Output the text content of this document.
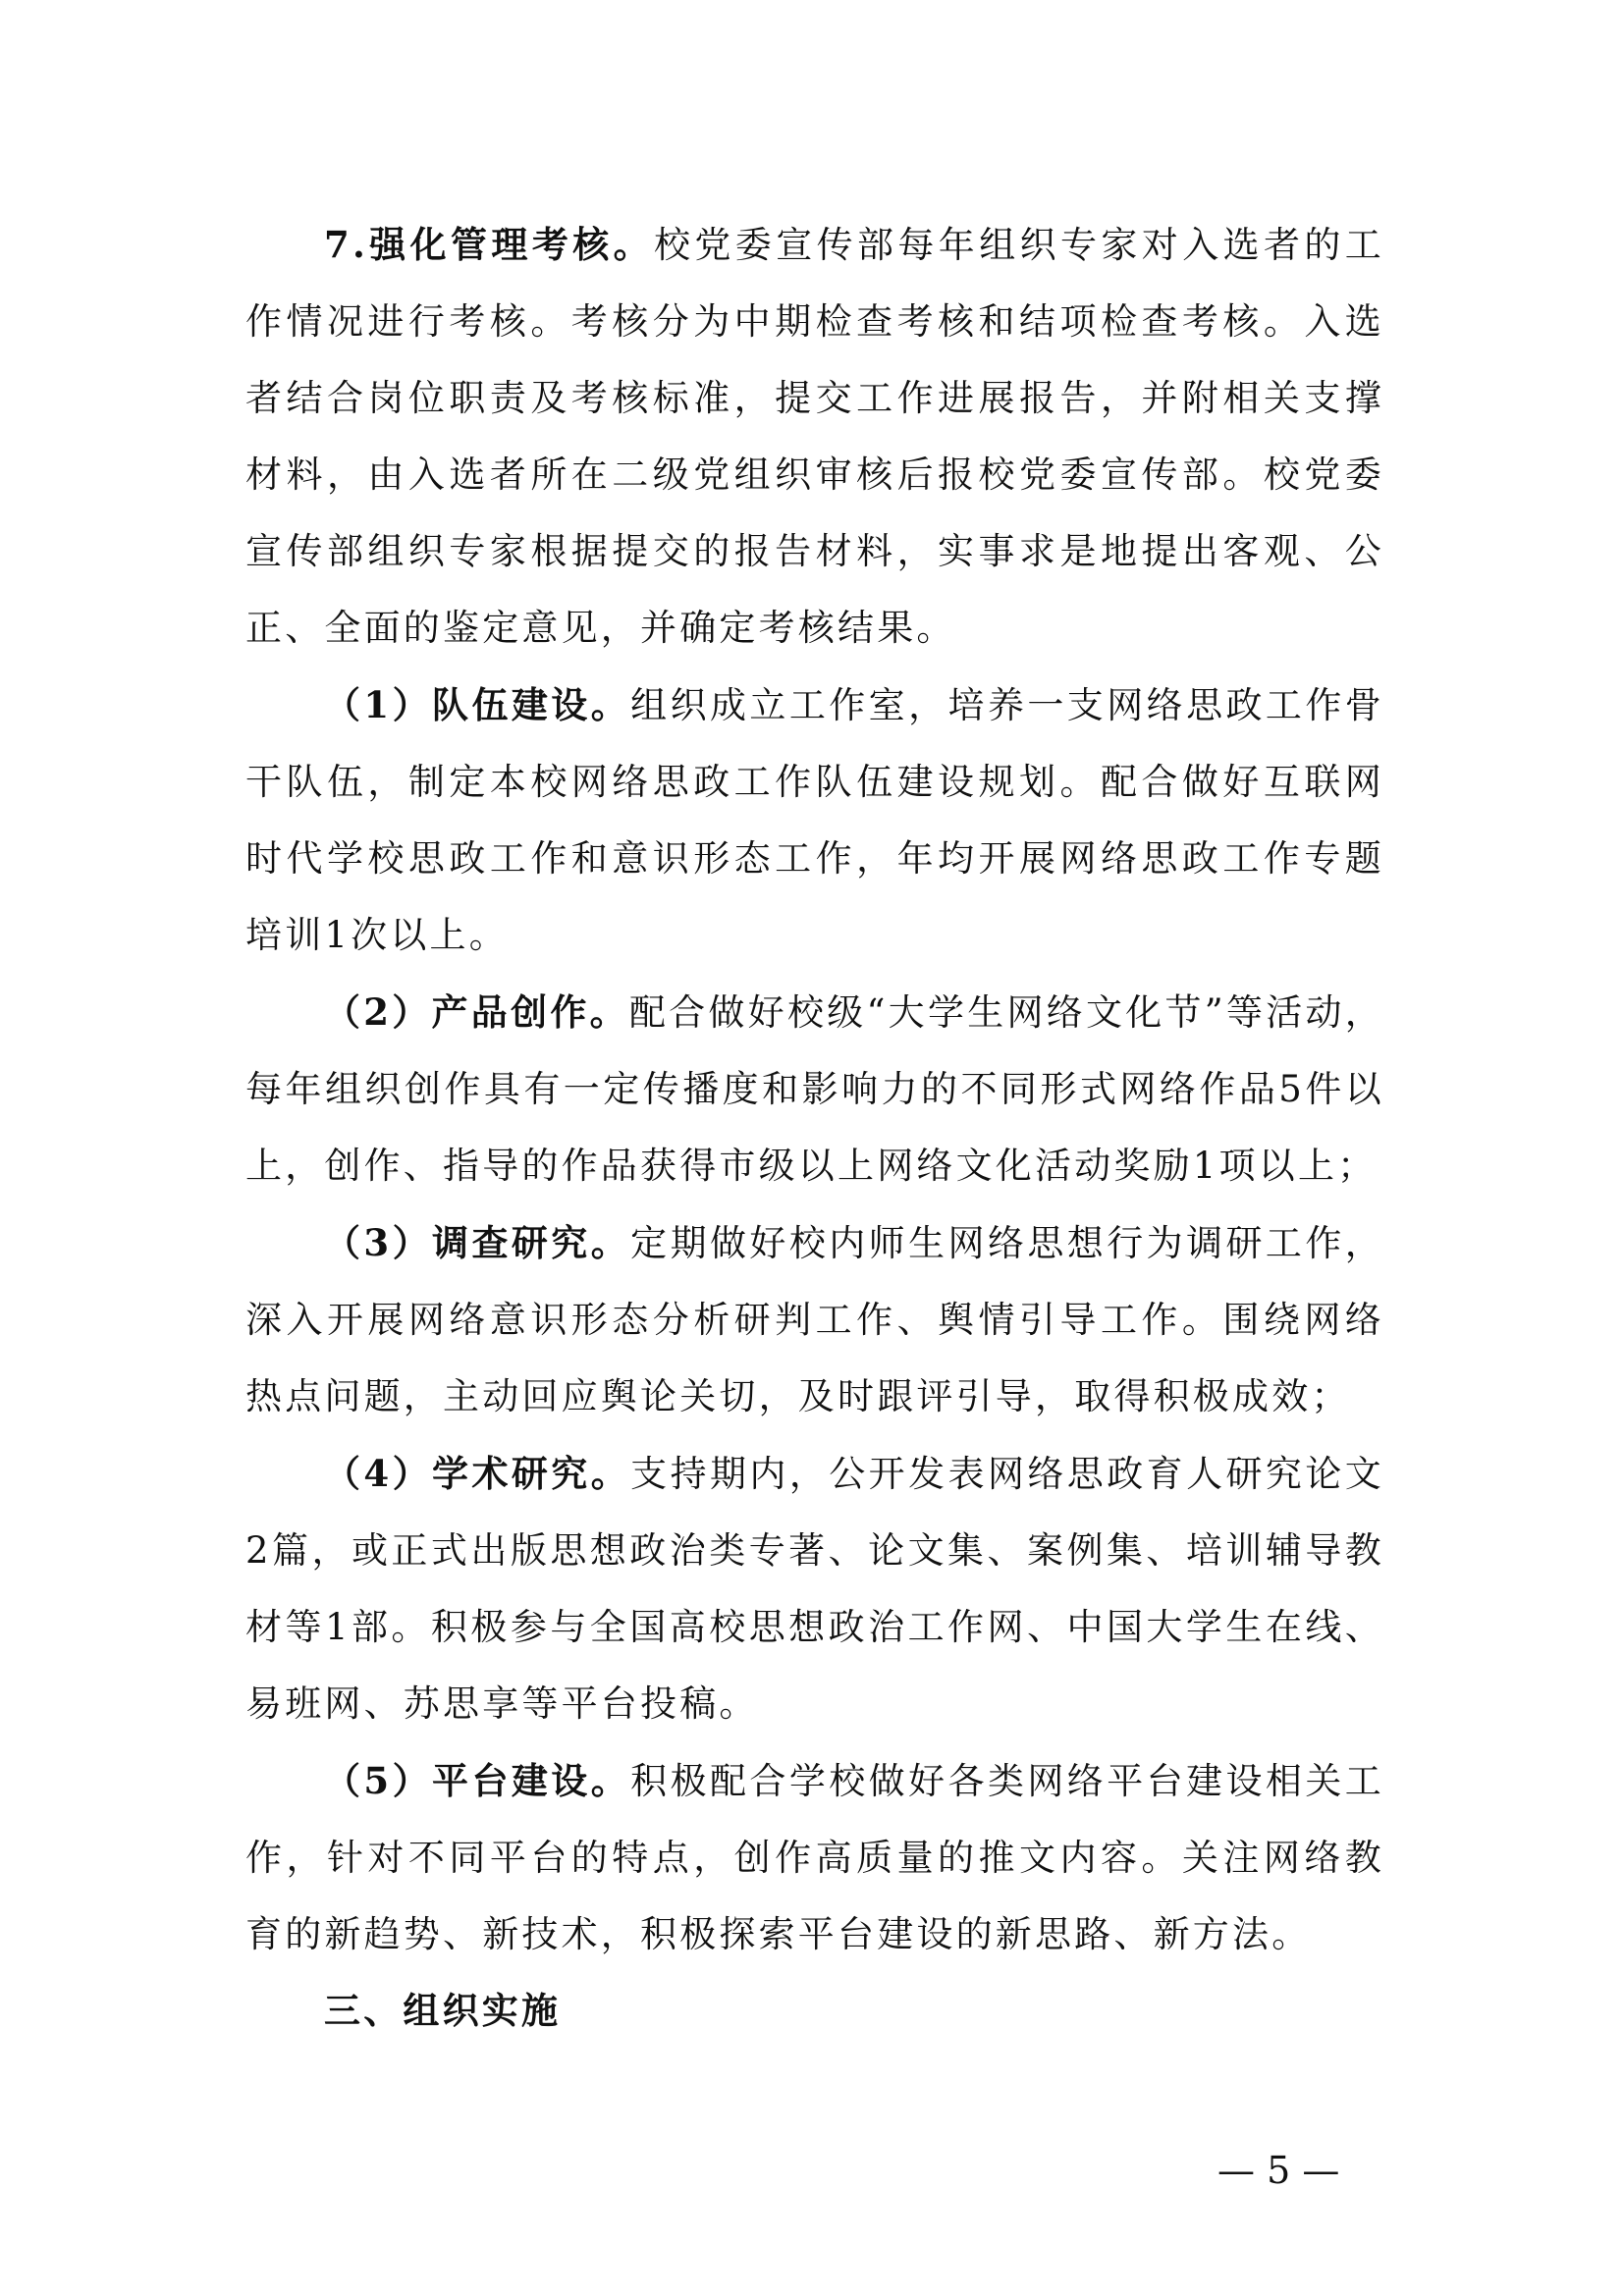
7.强化管理考核。校党委宣传部每年组织专家对入选者的工作情况进行考核。考核分为中期检查考核和结项检查考核。入选者结合岗位职责及考核标准，提交工作进展报告，并附相关支撑材料，由入选者所在二级党组织审核后报校党委宣传部。校党委宣传部组织专家根据提交的报告材料，实事求是地提出客观、公正、全面的鉴定意见，并确定考核结果。

（1）队伍建设。组织成立工作室，培养一支网络思政工作骨干队伍，制定本校网络思政工作队伍建设规划。配合做好互联网时代学校思政工作和意识形态工作，年均开展网络思政工作专题培训1次以上。

（2）产品创作。配合做好校级“大学生网络文化节”等活动，每年组织创作具有一定传播度和影响力的不同形式网络作品5件以上，创作、指导的作品获得市级以上网络文化活动奖励1项以上；

（3）调查研究。定期做好校内师生网络思想行为调研工作，深入开展网络意识形态分析研判工作、舆情引导工作。围绕网络热点问题，主动回应舆论关切，及时跟评引导，取得积极成效；

（4）学术研究。支持期内，公开发表网络思政育人研究论文2篇，或正式出版思想政治类专著、论文集、案例集、培训辅导教材等1部。积极参与全国高校思想政治工作网、中国大学生在线、易班网、苏思享等平台投稿。

（5）平台建设。积极配合学校做好各类网络平台建设相关工作，针对不同平台的特点，创作高质量的推文内容。关注网络教育的新趋势、新技术，积极探索平台建设的新思路、新方法。

三、组织实施

— 5 —
